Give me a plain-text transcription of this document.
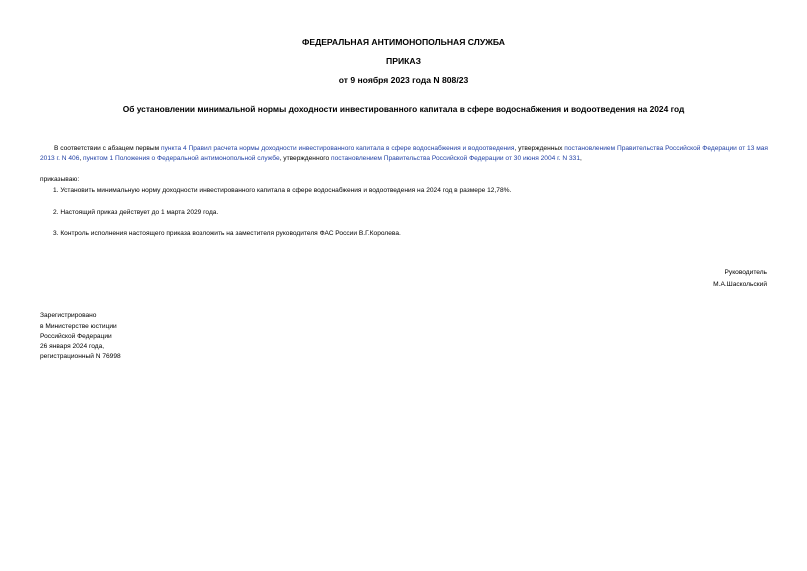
ФЕДЕРАЛЬНАЯ АНТИМОНОПОЛЬНАЯ СЛУЖБА
ПРИКАЗ
от 9 ноября 2023 года N 808/23
Об установлении минимальной нормы доходности инвестированного капитала в сфере водоснабжения и водоотведения на 2024 год
В соответствии с абзацем первым пункта 4 Правил расчета нормы доходности инвестированного капитала в сфере водоснабжения и водоотведения, утвержденных постановлением Правительства Российской Федерации от 13 мая 2013 г. N 406, пунктом 1 Положения о Федеральной антимонопольной службе, утвержденного постановлением Правительства Российской Федерации от 30 июня 2004 г. N 331,
приказываю:
1. Установить минимальную норму доходности инвестированного капитала в сфере водоснабжения и водоотведения на 2024 год в размере 12,78%.
2. Настоящий приказ действует до 1 марта 2029 года.
3. Контроль исполнения настоящего приказа возложить на заместителя руководителя ФАС России В.Г.Королева.
Руководитель
М.А.Шаскольский
Зарегистрировано
в Министерстве юстиции
Российской Федерации
26 января 2024 года,
регистрационный N 76998
